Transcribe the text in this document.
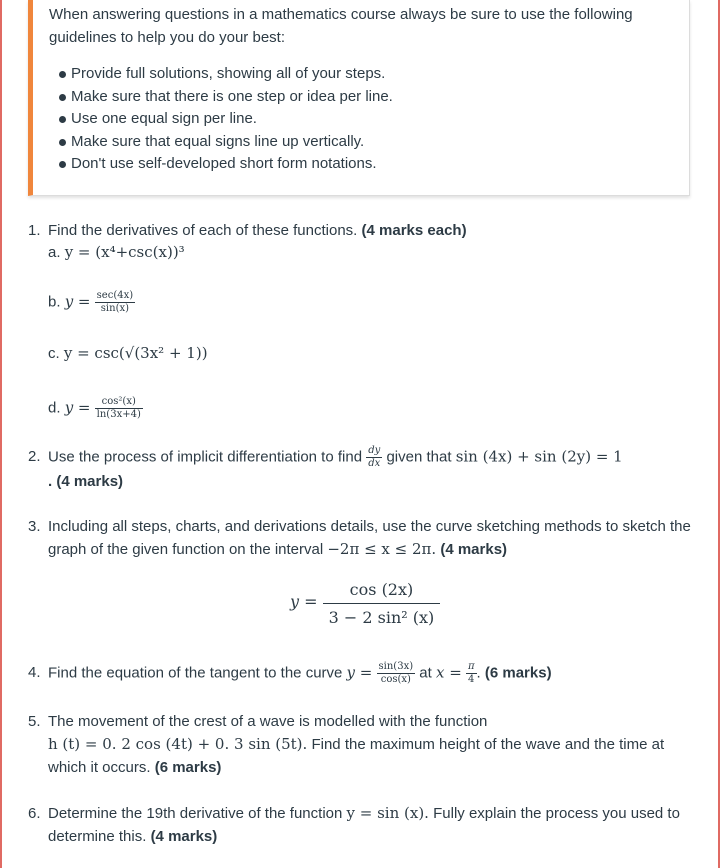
When answering questions in a mathematics course always be sure to use the following guidelines to help you do your best:

Provide full solutions, showing all of your steps.
Make sure that there is one step or idea per line.
Use one equal sign per line.
Make sure that equal signs line up vertically.
Don't use self-developed short form notations.
1. Find the derivatives of each of these functions. (4 marks each)
a. y = (x⁴+csc(x))³
b. $y = \frac{\sec(4x)}{\sin(x)}$
c. y = csc(√(3x² + 1))
d. $y = \frac{\text{cos²(x)}}{\ln(3x+4)}$
2. Use the process of implicit differentiation to find $\frac{dy}{dx}$ given that sin (4x) + sin (2y) = 1
. (4 marks)
3. Including all steps, charts, and derivations details, use the curve sketching methods to sketch the graph of the given function on the interval −2π ≤ x ≤ 2π. (4 marks)
$y = \frac{\cos (2x)}{\text{3 − 2 sin² (x)}}$
4. Find the equation of the tangent to the curve $y = \frac{\sin(3x)}{\cos(x)}$ at $x = \frac{\pi}{4}$ . (6 marks)
5. The movement of the crest of a wave is modelled with the function
h (t) = 0. 2 cos (4t) + 0. 3 sin (5t). Find the maximum height of the wave and the time at which it occurs. (6 marks)
6. Determine the 19th derivative of the function y = sin (x). Fully explain the process you used to determine this. (4 marks)
